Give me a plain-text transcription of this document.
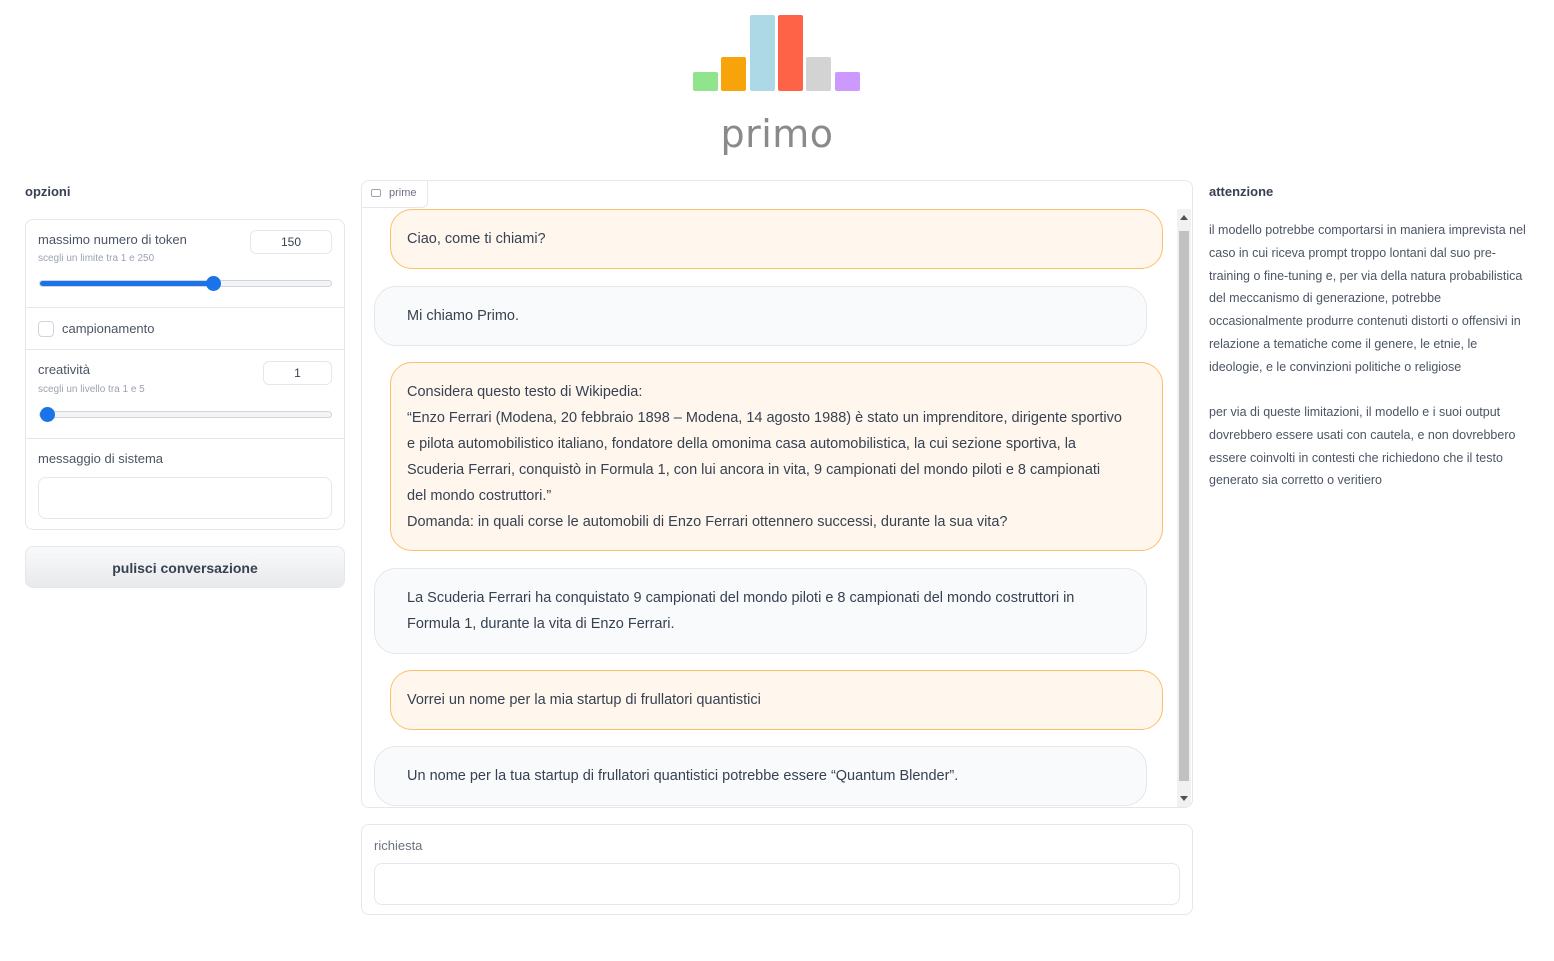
primo
opzioni
massimo numero di token
scegli un limite tra 1 e 250
150
campionamento
creatività
scegli un livello tra 1 e 5
1
messaggio di sistema
pulisci conversazione
prime
Ciao, come ti chiami?
Mi chiamo Primo.
Considera questo testo di Wikipedia:
“Enzo Ferrari (Modena, 20 febbraio 1898 – Modena, 14 agosto 1988) è stato un imprenditore, dirigente sportivo
e pilota automobilistico italiano, fondatore della omonima casa automobilistica, la cui sezione sportiva, la
Scuderia Ferrari, conquistò in Formula 1, con lui ancora in vita, 9 campionati del mondo piloti e 8 campionati
del mondo costruttori.”
Domanda: in quali corse le automobili di Enzo Ferrari ottennero successi, durante la sua vita?
La Scuderia Ferrari ha conquistato 9 campionati del mondo piloti e 8 campionati del mondo costruttori in
Formula 1, durante la vita di Enzo Ferrari.
Vorrei un nome per la mia startup di frullatori quantistici
Un nome per la tua startup di frullatori quantistici potrebbe essere “Quantum Blender”.
richiesta
attenzione
il modello potrebbe comportarsi in maniera imprevista nel caso in cui riceva prompt troppo lontani dal suo pre-training o fine-tuning e, per via della natura probabilistica del meccanismo di generazione, potrebbe occasionalmente produrre contenuti distorti o offensivi in relazione a tematiche come il genere, le etnie, le ideologie, e le convinzioni politiche o religiose
per via di queste limitazioni, il modello e i suoi output dovrebbero essere usati con cautela, e non dovrebbero essere coinvolti in contesti che richiedono che il testo generato sia corretto o veritiero
